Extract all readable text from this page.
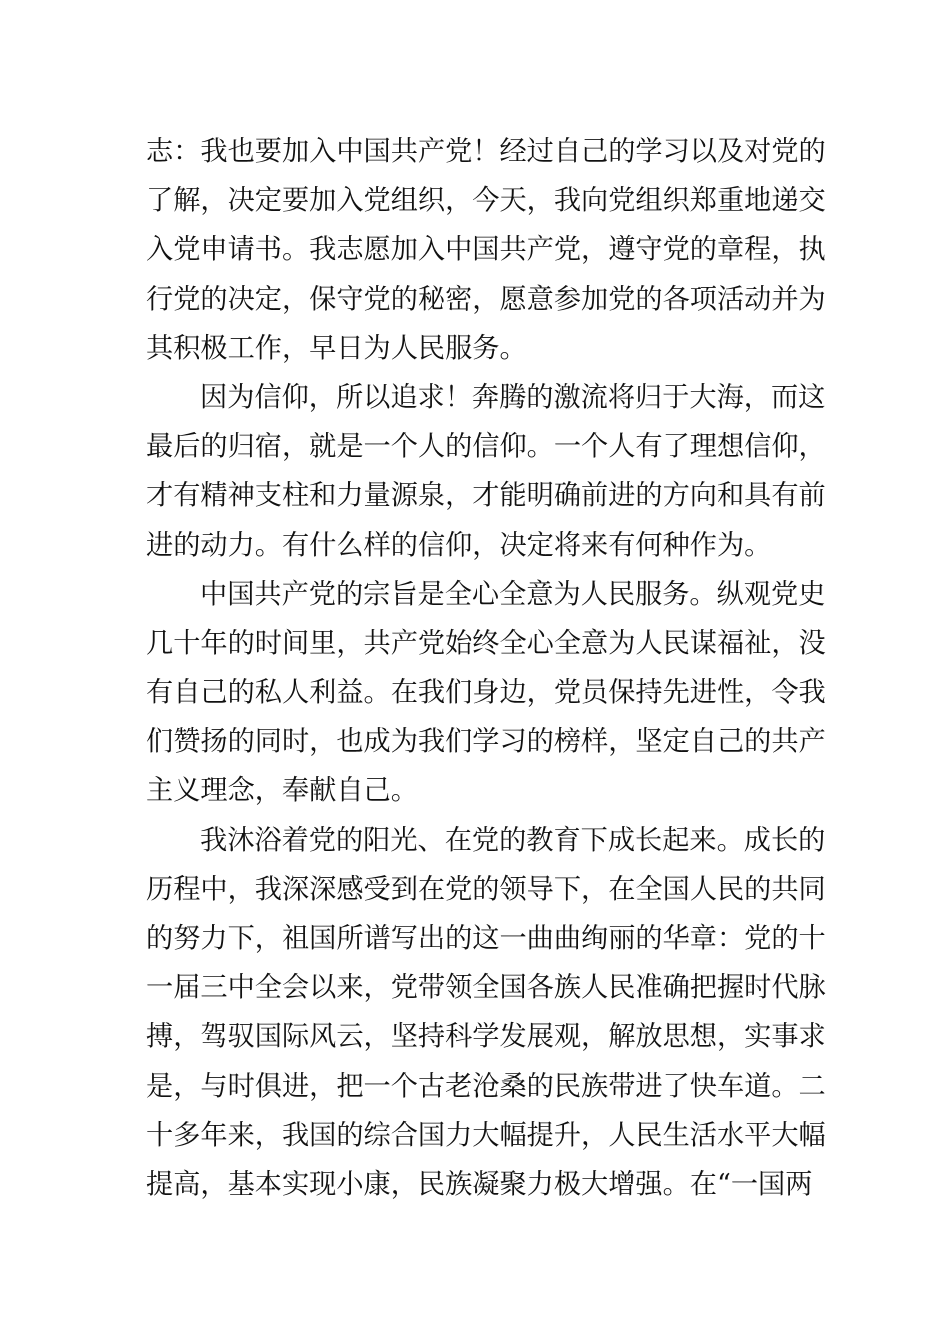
志：我也要加入中国共产党！经过自己的学习以及对党的
了解，决定要加入党组织，今天，我向党组织郑重地递交
入党申请书。我志愿加入中国共产党，遵守党的章程，执
行党的决定，保守党的秘密，愿意参加党的各项活动并为
其积极工作，早日为人民服务。
因为信仰，所以追求！奔腾的激流将归于大海，而这
最后的归宿，就是一个人的信仰。一个人有了理想信仰，
才有精神支柱和力量源泉，才能明确前进的方向和具有前
进的动力。有什么样的信仰，决定将来有何种作为。
中国共产党的宗旨是全心全意为人民服务。纵观党史
几十年的时间里，共产党始终全心全意为人民谋福祉，没
有自己的私人利益。在我们身边，党员保持先进性，令我
们赞扬的同时，也成为我们学习的榜样，坚定自己的共产
主义理念，奉献自己。
我沐浴着党的阳光、在党的教育下成长起来。成长的
历程中，我深深感受到在党的领导下，在全国人民的共同
的努力下，祖国所谱写出的这一曲曲绚丽的华章：党的十
一届三中全会以来，党带领全国各族人民准确把握时代脉
搏，驾驭国际风云，坚持科学发展观，解放思想，实事求
是，与时俱进，把一个古老沧桑的民族带进了快车道。二
十多年来，我国的综合国力大幅提升，人民生活水平大幅
提高，基本实现小康，民族凝聚力极大增强。在“一国两
